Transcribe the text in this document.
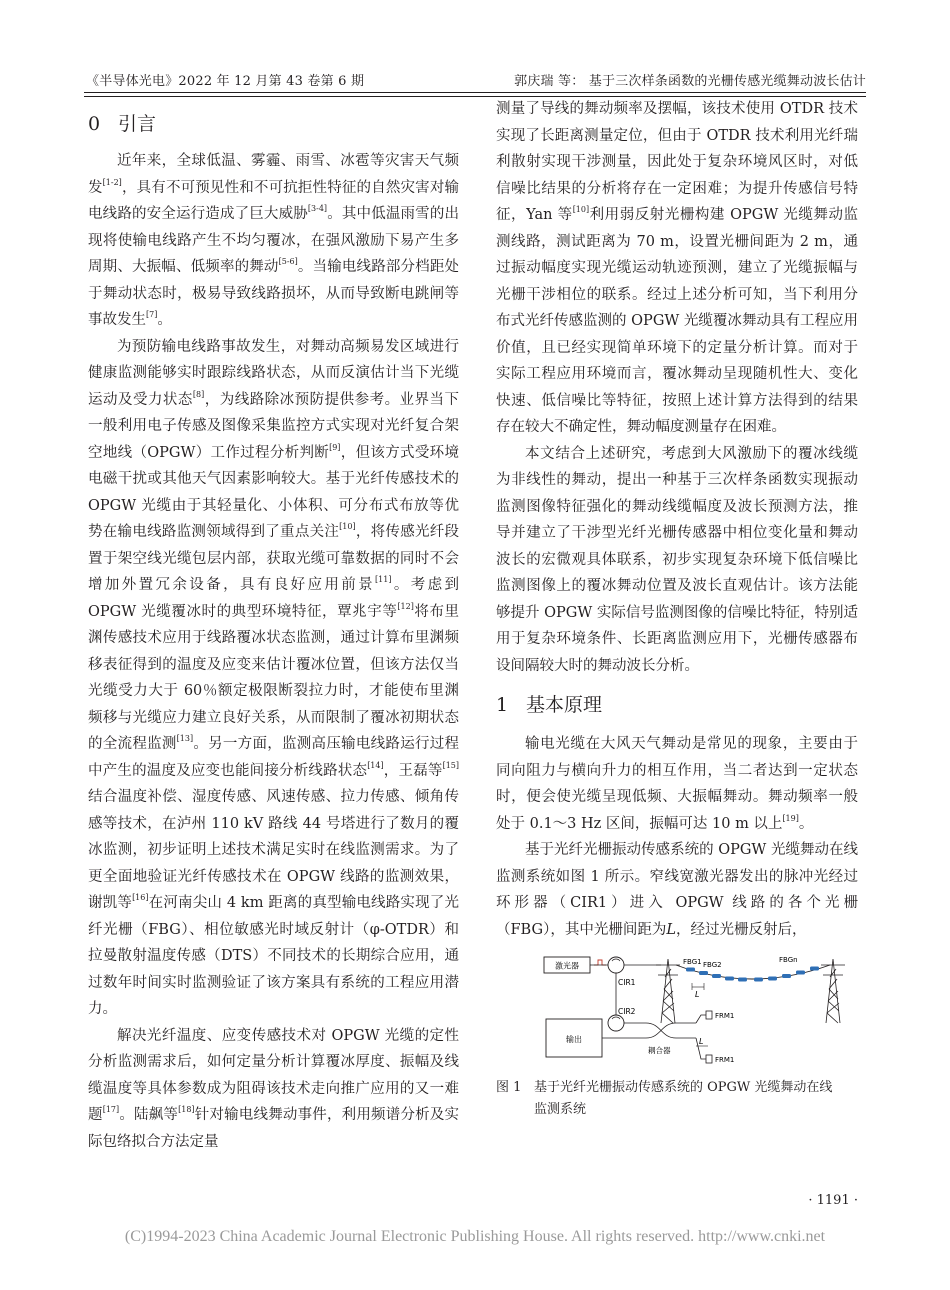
《半导体光电》2022 年 12 月第 43 卷第 6 期	郭庆瑞 等： 基于三次样条函数的光栅传感光缆舞动波长估计
0 引言

近年来，全球低温、雾霾、雨雪、冰雹等灾害天气频发[1-2]，具有不可预见性和不可抗拒性特征的自然灾害对输电线路的安全运行造成了巨大威胁[3-4]。其中低温雨雪的出现将使输电线路产生不均匀覆冰，在强风激励下易产生多周期、大振幅、低频率的舞动[5-6]。当输电线路部分档距处于舞动状态时，极易导致线路损坏，从而导致断电跳闸等事故发生[7]。

为预防输电线路事故发生，对舞动高频易发区域进行健康监测能够实时跟踪线路状态，从而反演估计当下光缆运动及受力状态[8]，为线路除冰预防提供参考。业界当下一般利用电子传感及图像采集监控方式实现对光纤复合架空地线（OPGW）工作过程分析判断[9]，但该方式受环境电磁干扰或其他天气因素影响较大。基于光纤传感技术的 OPGW 光缆由于其轻量化、小体积、可分布式布放等优势在输电线路监测领域得到了重点关注[10]，将传感光纤段置于架空线光缆包层内部，获取光缆可靠数据的同时不会增加外置冗余设备，具有良好应用前景[11]。考虑到 OPGW 光缆覆冰时的典型环境特征，覃兆宇等[12]将布里渊传感技术应用于线路覆冰状态监测，通过计算布里渊频移表征得到的温度及应变来估计覆冰位置，但该方法仅当光缆受力大于 60％额定极限断裂拉力时，才能使布里渊频移与光缆应力建立良好关系，从而限制了覆冰初期状态的全流程监测[13]。另一方面，监测高压输电线路运行过程中产生的温度及应变也能间接分析线路状态[14]，王磊等[15]结合温度补偿、湿度传感、风速传感、拉力传感、倾角传感等技术，在泸州 110 kV 路线 44 号塔进行了数月的覆冰监测，初步证明上述技术满足实时在线监测需求。为了更全面地验证光纤传感技术在 OPGW 线路的监测效果，谢凯等[16]在河南尖山 4 km 距离的真型输电线路实现了光纤光栅（FBG）、相位敏感光时域反射计（φ-OTDR）和拉曼散射温度传感（DTS）不同技术的长期综合应用，通过数年时间实时监测验证了该方案具有系统的工程应用潜力。

解决光纤温度、应变传感技术对 OPGW 光缆的定性分析监测需求后，如何定量分析计算覆冰厚度、振幅及线缆温度等具体参数成为阻碍该技术走向推广应用的又一难题[17]。陆飙等[18]针对输电线舞动事件，利用频谱分析及实际包络拟合方法定量

测量了导线的舞动频率及摆幅，该技术使用 OTDR 技术实现了长距离测量定位，但由于 OTDR 技术利用光纤瑞利散射实现干涉测量，因此处于复杂环境风区时，对低信噪比结果的分析将存在一定困难；为提升传感信号特征，Yan 等[10]利用弱反射光栅构建 OPGW 光缆舞动监测线路，测试距离为 70 m，设置光栅间距为 2 m，通过振动幅度实现光缆运动轨迹预测，建立了光缆振幅与光栅干涉相位的联系。经过上述分析可知，当下利用分布式光纤传感监测的 OPGW 光缆覆冰舞动具有工程应用价值，且已经实现简单环境下的定量分析计算。而对于实际工程应用环境而言，覆冰舞动呈现随机性大、变化快速、低信噪比等特征，按照上述计算方法得到的结果存在较大不确定性，舞动幅度测量存在困难。

本文结合上述研究，考虑到大风激励下的覆冰线缆为非线性的舞动，提出一种基于三次样条函数实现振动监测图像特征强化的舞动线缆幅度及波长预测方法，推导并建立了干涉型光纤光栅传感器中相位变化量和舞动波长的宏微观具体联系，初步实现复杂环境下低信噪比监测图像上的覆冰舞动位置及波长直观估计。该方法能够提升 OPGW 实际信号监测图像的信噪比特征，特别适用于复杂环境条件、长距离监测应用下，光栅传感器布设间隔较大时的舞动波长分析。

1 基本原理

输电光缆在大风天气舞动是常见的现象，主要由于同向阻力与横向升力的相互作用，当二者达到一定状态时，便会使光缆呈现低频、大振幅舞动。舞动频率一般处于 0.1～3 Hz 区间，振幅可达 10 m 以上[19]。

基于光纤光栅振动传感系统的 OPGW 光缆舞动在线监测系统如图 1 所示。窄线宽激光器发出的脉冲光经过环形器（CIR1）进入 OPGW 线路的各个光栅（FBG），其中光栅间距为L，经过光栅反射后，

激光器
CIR1
FBG1 FBG2
FBGn
L
CIR2
输出
耦合器
FRM1
FRM1
L
图 1 基于光纤光栅振动传感系统的 OPGW 光缆舞动在线
监测系统
· 1191 ·
(C)1994-2023 China Academic Journal Electronic Publishing House. All rights reserved. http://www.cnki.net
